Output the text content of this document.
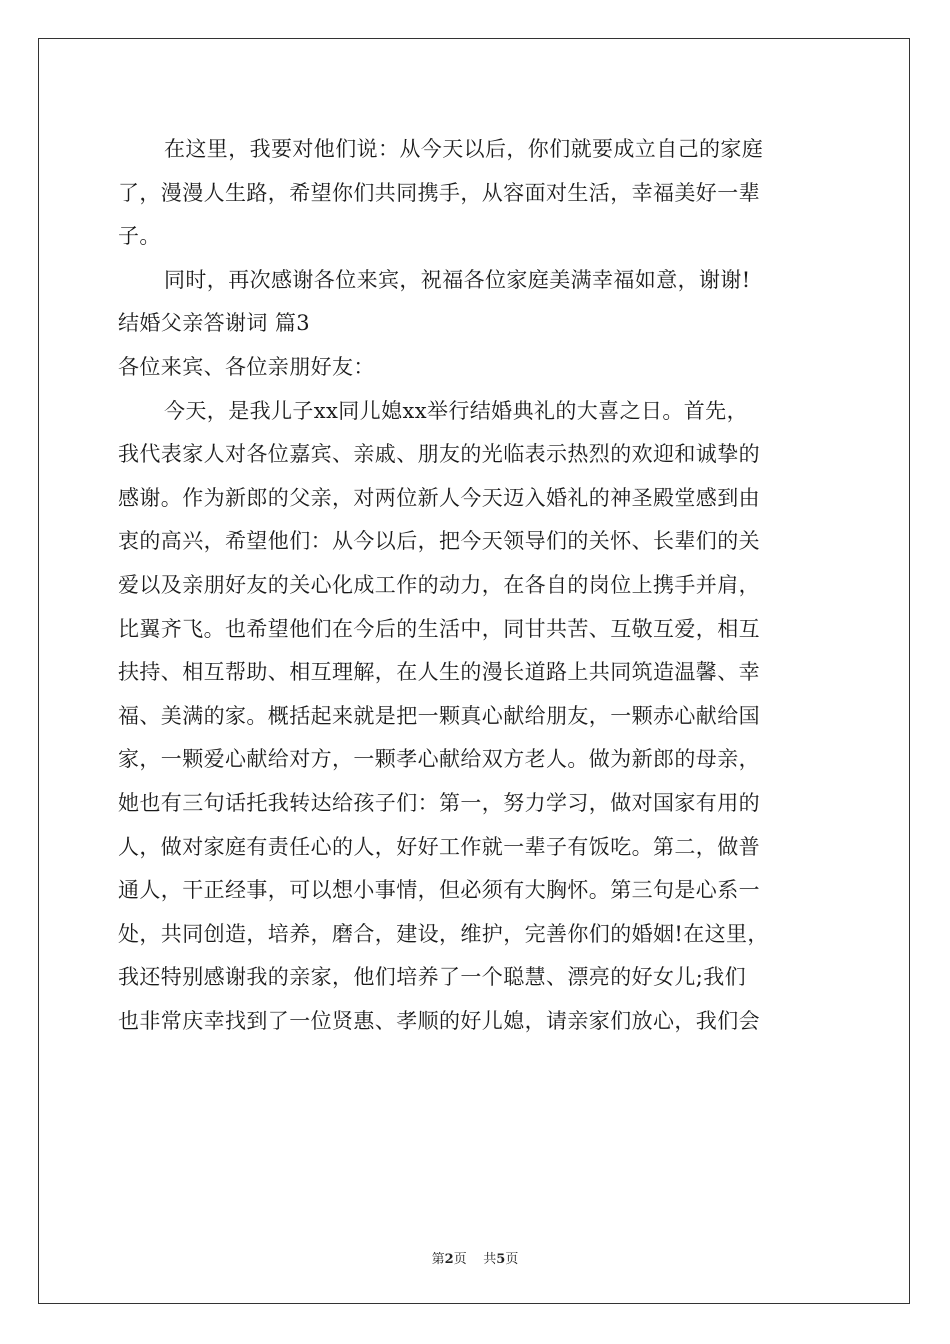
在这里，我要对他们说：从今天以后，你们就要成立自己的家庭
了，漫漫人生路，希望你们共同携手，从容面对生活，幸福美好一辈
子。

同时，再次感谢各位来宾，祝福各位家庭美满幸福如意，谢谢!

结婚父亲答谢词 篇3

各位来宾、各位亲朋好友：

今天，是我儿子xx同儿媳xx举行结婚典礼的大喜之日。首先，
我代表家人对各位嘉宾、亲戚、朋友的光临表示热烈的欢迎和诚挚的
感谢。作为新郎的父亲，对两位新人今天迈入婚礼的神圣殿堂感到由
衷的高兴，希望他们：从今以后，把今天领导们的关怀、长辈们的关
爱以及亲朋好友的关心化成工作的动力，在各自的岗位上携手并肩，
比翼齐飞。也希望他们在今后的生活中，同甘共苦、互敬互爱，相互
扶持、相互帮助、相互理解，在人生的漫长道路上共同筑造温馨、幸
福、美满的家。概括起来就是把一颗真心献给朋友，一颗赤心献给国
家，一颗爱心献给对方，一颗孝心献给双方老人。做为新郎的母亲，
她也有三句话托我转达给孩子们：第一，努力学习，做对国家有用的
人，做对家庭有责任心的人，好好工作就一辈子有饭吃。第二，做普
通人，干正经事，可以想小事情，但必须有大胸怀。第三句是心系一
处，共同创造，培养，磨合，建设，维护，完善你们的婚姻!在这里，
我还特别感谢我的亲家，他们培养了一个聪慧、漂亮的好女儿;我们
也非常庆幸找到了一位贤惠、孝顺的好儿媳，请亲家们放心，我们会

第2页 共5页
